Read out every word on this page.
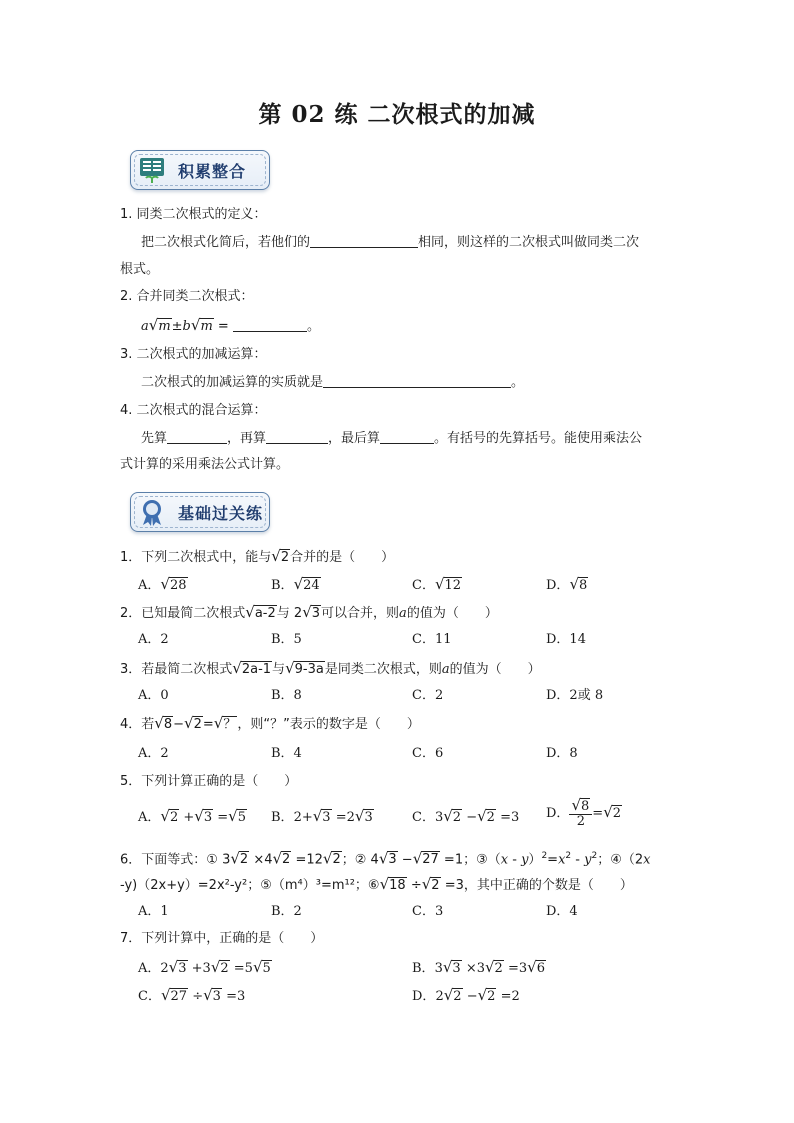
第 02 练 二次根式的加减
积累整合
1. 同类二次根式的定义：
把二次根式化简后，若他们的	相同，则这样的二次根式叫做同类二次
根式。
2. 合并同类二次根式：
a√m±b√m =	。
3. 二次根式的加减运算：
二次根式的加减运算的实质就是	。
4. 二次根式的混合运算：
先算	，再算	，最后算	。有括号的先算括号。能使用乘法公
式计算的采用乘法公式计算。
基础过关练
1．下列二次根式中，能与√2合并的是（　　）
A．√28	B．√24	C．√12	D．√8
2．已知最简二次根式√a-2与 2√3可以合并，则a的值为（　　）
A．2	B．5	C．11	D．14
3．若最简二次根式√2a-1与√9-3a是同类二次根式，则a的值为（　　）
A．0	B．8	C．2	D．2或 8
4．若√8−√2=√？，则“？”表示的数字是（　　）
A．2	B．4	C．6	D．8
5．下列计算正确的是（　　）
A．√2 +√3 =√5 B．2+√3 =2√3	C．3√2 −√2 =3 D． $\frac{√8}{2} =√2$
6．下面等式：① 3√2 ×4√2 =12√2；② 4√3 −√27 =1；③（x - $y)^2=x^2 - y^2$；④（2x
-y)（2x+y）=2x²-y²；⑤（m⁴）³=m¹²；⑥√18 ÷√2 =3，其中正确的个数是（　　）
A．1	B．2	C．3	D．4
7．下列计算中，正确的是（　　）
A．2√3 +3√2 =5√5	B．3√3 ×3√2 =3√6
C．√27 ÷√3 =3	D．2√2 −√2 =2
